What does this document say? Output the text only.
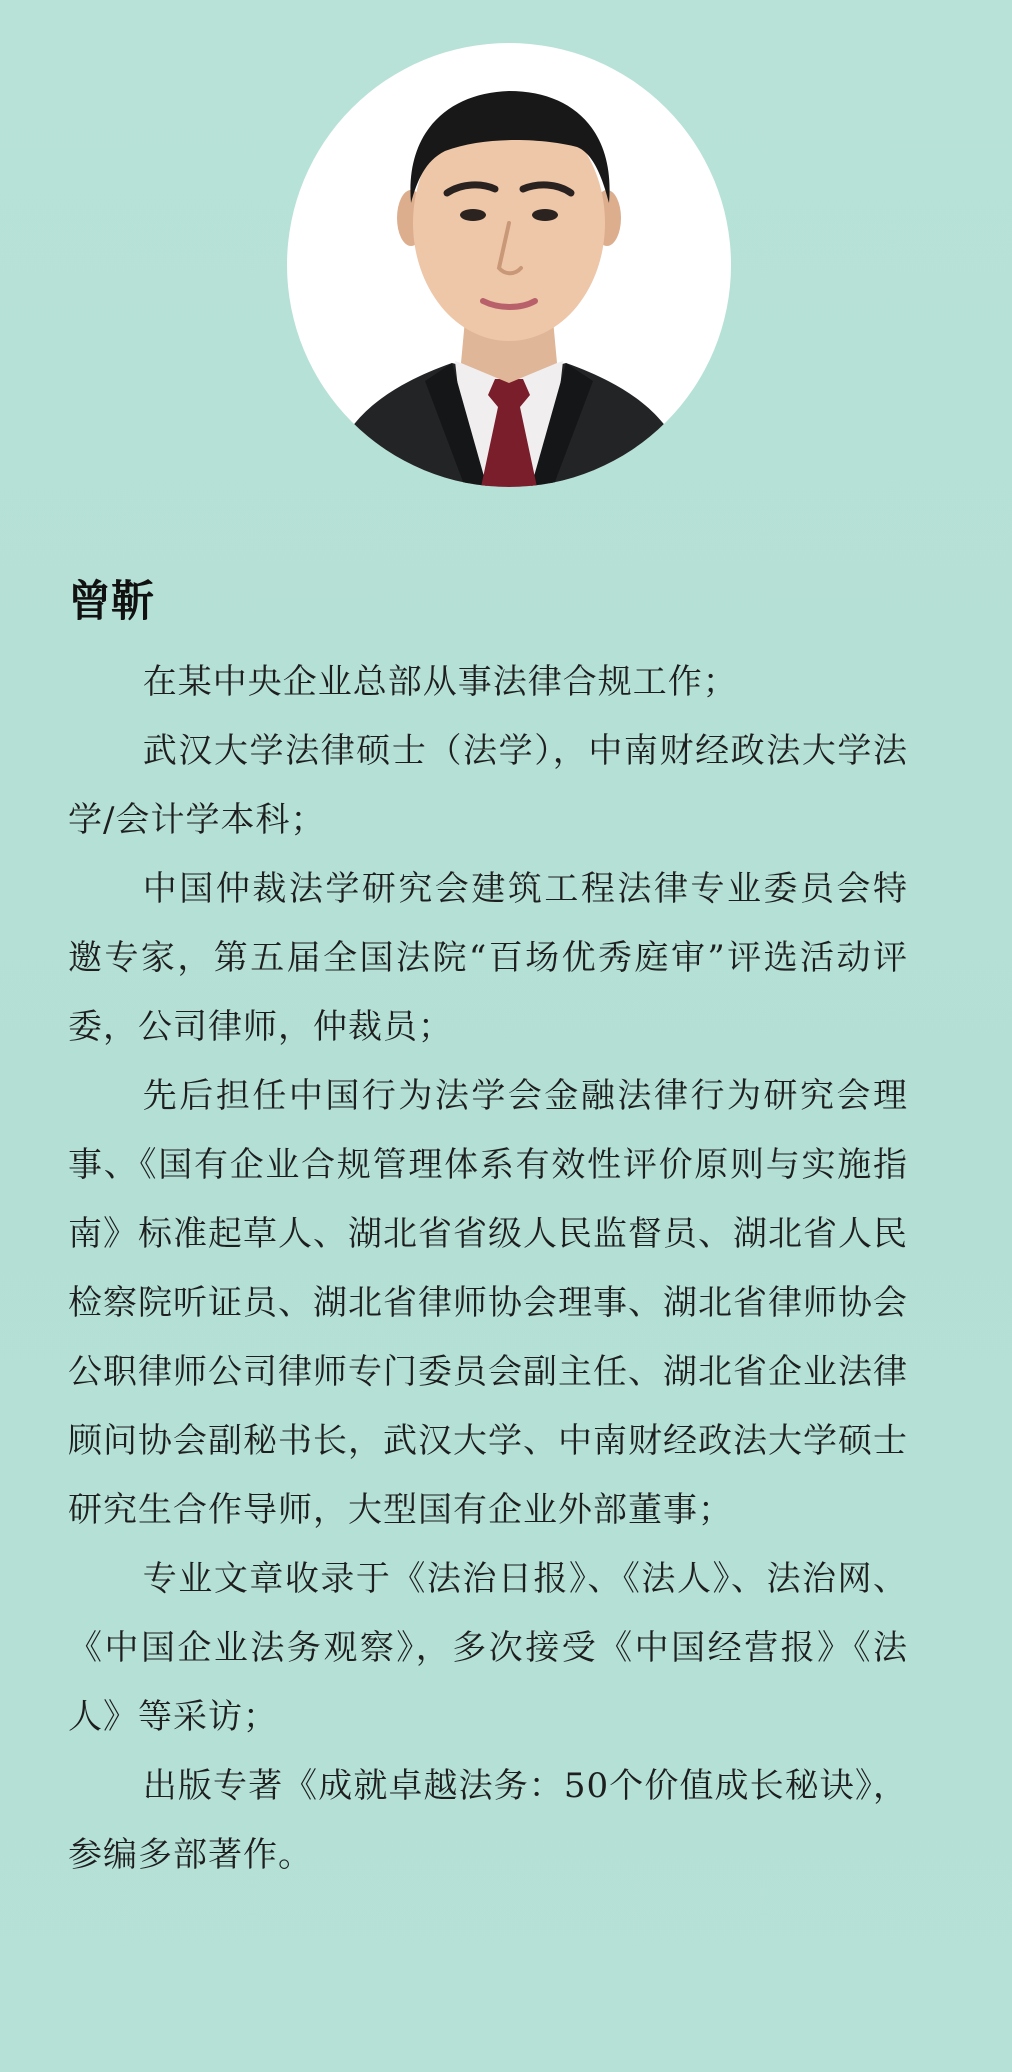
曾靳

在某中央企业总部从事法律合规工作；

武汉大学法律硕士（法学），中南财经政法大学法学/会计学本科；

中国仲裁法学研究会建筑工程法律专业委员会特邀专家，第五届全国法院“百场优秀庭审”评选活动评委，公司律师，仲裁员；

先后担任中国行为法学会金融法律行为研究会理事、《国有企业合规管理体系有效性评价原则与实施指南》标准起草人、湖北省省级人民监督员、湖北省人民检察院听证员、湖北省律师协会理事、湖北省律师协会公职律师公司律师专门委员会副主任、湖北省企业法律顾问协会副秘书长，武汉大学、中南财经政法大学硕士研究生合作导师，大型国有企业外部董事；

专业文章收录于《法治日报》、《法人》、法治网、《中国企业法务观察》，多次接受《中国经营报》《法人》等采访；

出版专著《成就卓越法务：50个价值成长秘诀》，参编多部著作。
